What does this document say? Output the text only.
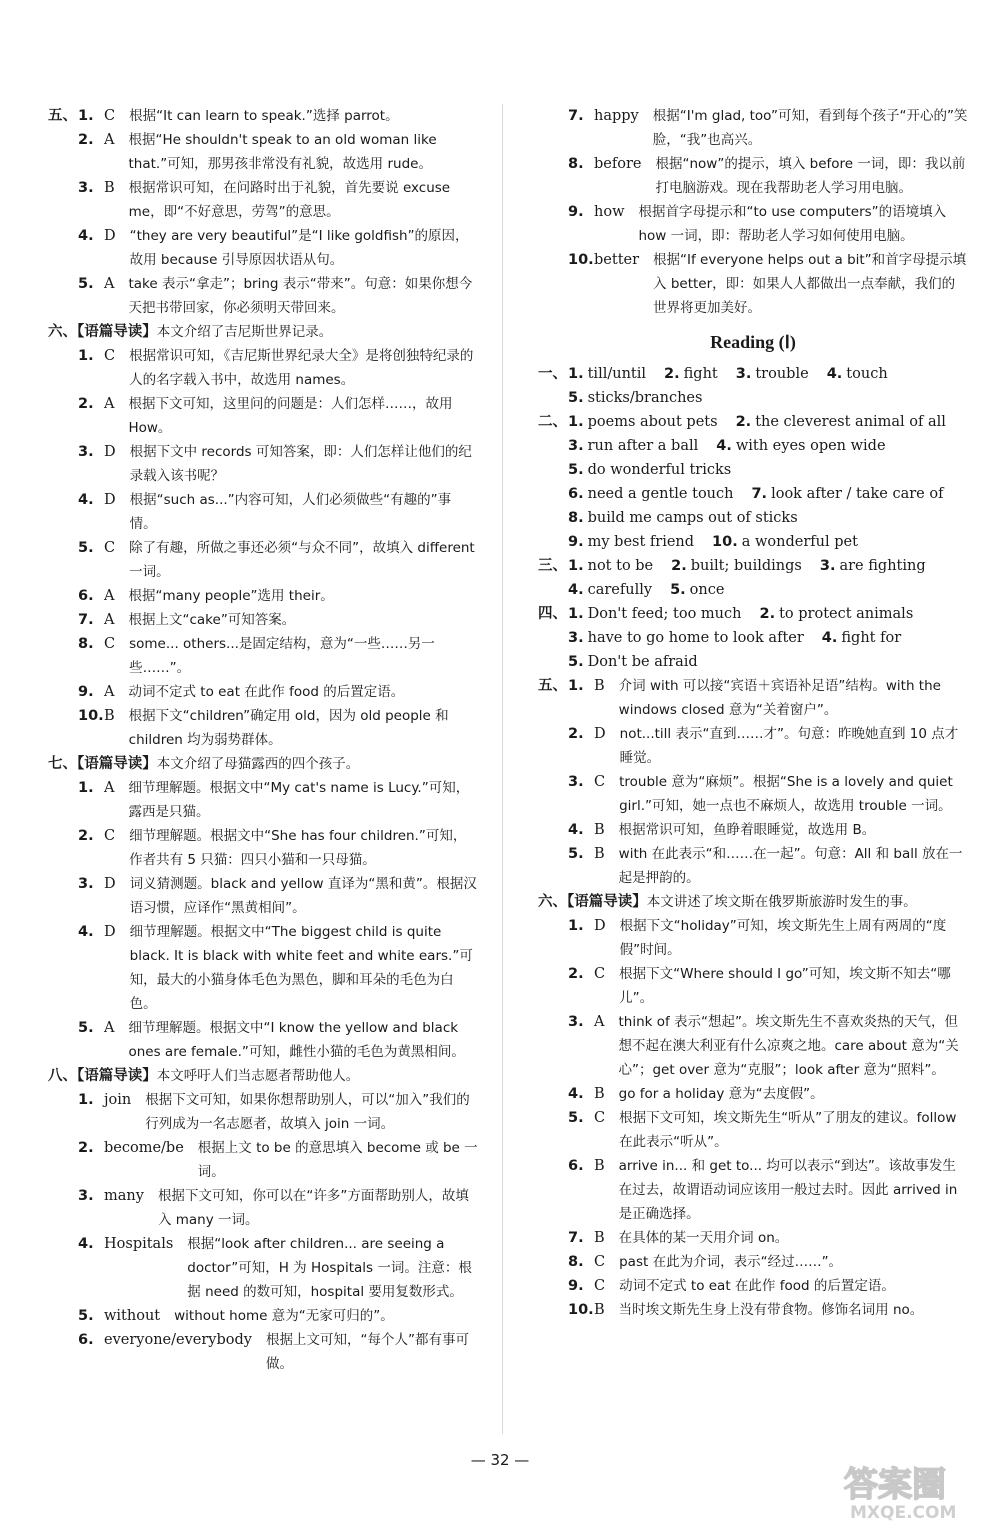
五、 1. C 根据“It can learn to speak.”选择 parrot。
2. A 根据“He shouldn't speak to an old woman like that.”可知，那男孩非常没有礼貌，故选用 rude。
3. B 根据常识可知，在问路时出于礼貌，首先要说 excuse me，即“不好意思，劳驾”的意思。
4. D “they are very beautiful”是“I like goldfish”的原因，故用 because 引导原因状语从句。
5. A take 表示“拿走”；bring 表示“带来”。句意：如果你想今天把书带回家，你必须明天带回来。
六、【语篇导读】 本文介绍了吉尼斯世界记录。
1. C 根据常识可知，《吉尼斯世界纪录大全》是将创独特纪录的人的名字载入书中，故选用 names。
2. A 根据下文可知，这里问的问题是：人们怎样……，故用 How。
3. D 根据下文中 records 可知答案，即：人们怎样让他们的纪录载入该书呢？
4. D 根据“such as...”内容可知，人们必须做些“有趣的”事情。
5. C 除了有趣，所做之事还必须“与众不同”，故填入 different 一词。
6. A 根据“many people”选用 their。
7. A 根据上文“cake”可知答案。
8. C some... others...是固定结构，意为“一些……另一些……”。
9. A 动词不定式 to eat 在此作 food 的后置定语。
10. B 根据下文“children”确定用 old，因为 old people 和 children 均为弱势群体。
七、【语篇导读】 本文介绍了母猫露西的四个孩子。
1. A 细节理解题。根据文中“My cat's name is Lucy.”可知，露西是只猫。
2. C 细节理解题。根据文中“She has four children.”可知，作者共有 5 只猫：四只小猫和一只母猫。
3. D 词义猜测题。black and yellow 直译为“黑和黄”。根据汉语习惯，应译作“黑黄相间”。
4. D 细节理解题。根据文中“The biggest child is quite black. It is black with white feet and white ears.”可知，最大的小猫身体毛色为黑色，脚和耳朵的毛色为白色。
5. A 细节理解题。根据文中“I know the yellow and black ones are female.”可知，雌性小猫的毛色为黄黑相间。
八、【语篇导读】 本文呼吁人们当志愿者帮助他人。
1. join 根据下文可知，如果你想帮助别人，可以“加入”我们的行列成为一名志愿者，故填入 join 一词。
2. become/be 根据上文 to be 的意思填入 become 或 be 一词。
3. many 根据下文可知，你可以在“许多”方面帮助别人，故填入 many 一词。
4. Hospitals 根据“look after children... are seeing a doctor”可知，H 为 Hospitals 一词。注意：根据 need 的数可知，hospital 要用复数形式。
5. without without home 意为“无家可归的”。
6. everyone/everybody 根据上文可知，“每个人”都有事可做。
7. happy 根据“I'm glad, too”可知，看到每个孩子“开心的”笑脸，“我”也高兴。
8. before 根据“now”的提示，填入 before 一词，即：我以前打电脑游戏。现在我帮助老人学习用电脑。
9. how 根据首字母提示和“to use computers”的语境填入 how 一词，即：帮助老人学习如何使用电脑。
10. better 根据“If everyone helps out a bit”和首字母提示填入 better，即：如果人人都做出一点奉献，我们的世界将更加美好。
Reading (Ⅰ)
一、 1. till/until 2. fight 3. trouble 4. touch
5. sticks/branches
二、 1. poems about pets 2. the cleverest animal of all
3. run after a ball 4. with eyes open wide
5. do wonderful tricks
6. need a gentle touch 7. look after / take care of
8. build me camps out of sticks
9. my best friend 10. a wonderful pet
三、 1. not to be 2. built; buildings 3. are fighting
4. carefully 5. once
四、 1. Don't feed; too much 2. to protect animals
3. have to go home to look after 4. fight for
5. Don't be afraid
五、 1. B 介词 with 可以接“宾语＋宾语补足语”结构。with the windows closed 意为“关着窗户”。
2. D not...till 表示“直到……才”。句意：昨晚她直到 10 点才睡觉。
3. C trouble 意为“麻烦”。根据“She is a lovely and quiet girl.”可知，她一点也不麻烦人，故选用 trouble 一词。
4. B 根据常识可知，鱼睁着眼睡觉，故选用 B。
5. B with 在此表示“和……在一起”。句意：All 和 ball 放在一起是押韵的。
六、【语篇导读】 本文讲述了埃文斯在俄罗斯旅游时发生的事。
1. D 根据下文“holiday”可知，埃文斯先生上周有两周的“度假”时间。
2. C 根据下文“Where should I go”可知，埃文斯不知去“哪儿”。
3. A think of 表示“想起”。埃文斯先生不喜欢炎热的天气，但想不起在澳大利亚有什么凉爽之地。care about 意为“关心”；get over 意为“克服”；look after 意为“照料”。
4. B go for a holiday 意为“去度假”。
5. C 根据下文可知，埃文斯先生“听从”了朋友的建议。follow 在此表示“听从”。
6. B arrive in... 和 get to... 均可以表示“到达”。该故事发生在过去，故谓语动词应该用一般过去时。因此 arrived in 是正确选择。
7. B 在具体的某一天用介词 on。
8. C past 在此为介词，表示“经过……”。
9. C 动词不定式 to eat 在此作 food 的后置定语。
10. B 当时埃文斯先生身上没有带食物。修饰名词用 no。
— 32 —
答案圈
MXQE.COM
